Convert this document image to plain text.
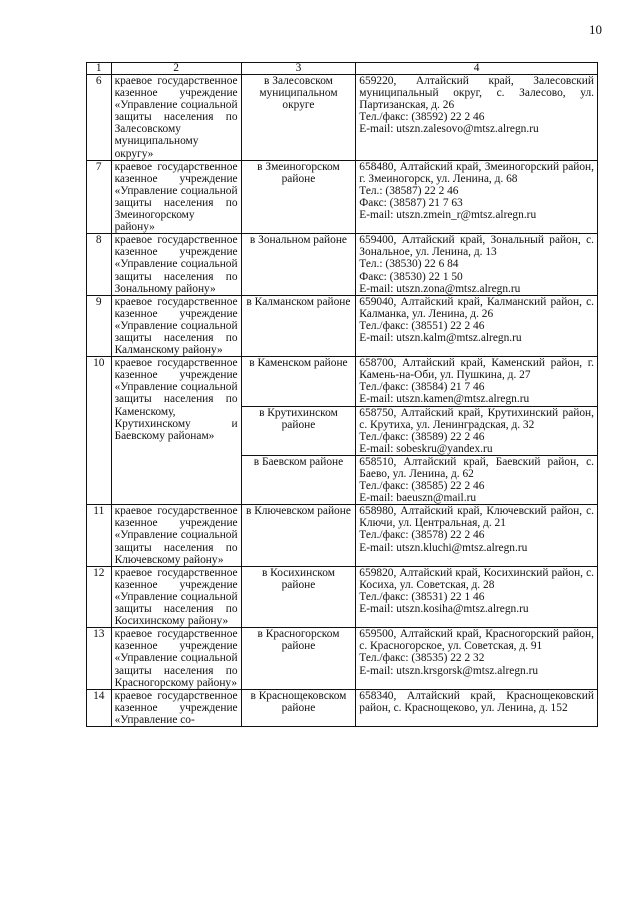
10
1	2	3	4
6	краевое государственное казенное учреждение «Управление социальной защиты населения по Залесовскому муниципальному округу»	в Залесовском муниципальном округе	659220, Алтайский край, Залесовский муниципальный округ, с. Залесово, ул. Партизанская, д. 26
Тел./факс: (38592) 22 2 46
E-mail: utszn.zalesovo@mtsz.alregn.ru

7	краевое государственное казенное учреждение «Управление социальной защиты населения по Змеиногорскому району»	в Змеиногорском районе	658480, Алтайский край, Змеиногорский район, г. Змеиногорск, ул. Ленина, д. 68
Тел.: (38587) 22 2 46
Факс: (38587) 21 7 63
E-mail: utszn.zmein_r@mtsz.alregn.ru

8	краевое государственное казенное учреждение «Управление социальной защиты населения по Зональному району»	в Зональном районе	659400, Алтайский край, Зональный район, с. Зональное, ул. Ленина, д. 13
Тел.: (38530) 22 6 84
Факс: (38530) 22 1 50
E-mail: utszn.zona@mtsz.alregn.ru

9	краевое государственное казенное учреждение «Управление социальной защиты населения по Калманскому району»	в Калманском районе	659040, Алтайский край, Калманский район, с. Калманка, ул. Ленина, д. 26
Тел./факс: (38551) 22 2 46
E-mail: utszn.kalm@mtsz.alregn.ru

10	краевое государственное казенное учреждение «Управление социальной защиты населения по Каменскому, Крутихинскому и Баевскому районам»	в Каменском районе	658700, Алтайский край, Каменский район, г. Камень-на-Оби, ул. Пушкина, д. 27
Тел./факс: (38584) 21 7 46
E-mail: utszn.kamen@mtsz.alregn.ru

		в Крутихинском районе	658750, Алтайский край, Крутихинский район, с. Крутиха, ул. Ленинградская, д. 32
Тел./факс: (38589) 22 2 46
E-mail: sobeskru@yandex.ru

		в Баевском районе	658510, Алтайский край, Баевский район, с. Баево, ул. Ленина, д. 62
Тел./факс: (38585) 22 2 46
E-mail: baeuszn@mail.ru

11	краевое государственное казенное учреждение «Управление социальной защиты населения по Ключевскому району»	в Ключевском районе	658980, Алтайский край, Ключевский район, с. Ключи, ул. Центральная, д. 21
Тел./факс: (38578) 22 2 46
E-mail: utszn.kluchi@mtsz.alregn.ru

12	краевое государственное казенное учреждение «Управление социальной защиты населения по Косихинскому району»	в Косихинском районе	659820, Алтайский край, Косихинский район, с. Косиха, ул. Советская, д. 28
Тел./факс: (38531) 22 1 46
E-mail: utszn.kosiha@mtsz.alregn.ru

13	краевое государственное казенное учреждение «Управление социальной защиты населения по Красногорскому району»	в Красногорском районе	659500, Алтайский край, Красногорский район, с. Красногорское, ул. Советская, д. 91
Тел./факс: (38535) 22 2 32
E-mail: utszn.krsgorsk@mtsz.alregn.ru

14	краевое государственное казенное учреждение «Управление со-	в Краснощековском районе	658340, Алтайский край, Краснощековский район, с. Краснощеково, ул. Ленина, д. 152
